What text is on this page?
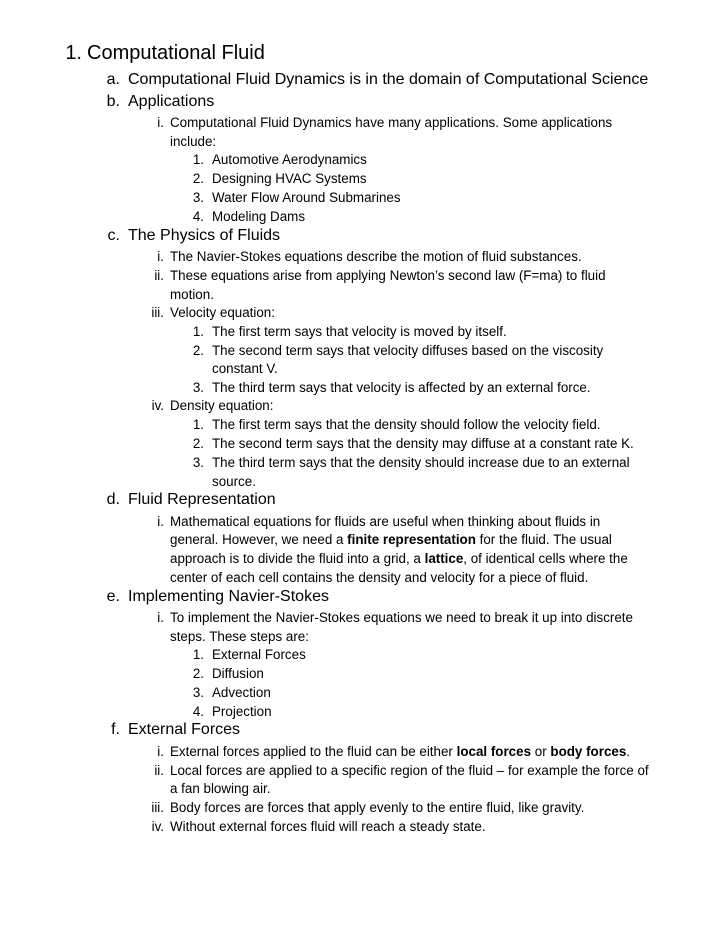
1. Computational Fluid
a. Computational Fluid Dynamics is in the domain of Computational Science
b. Applications
i. Computational Fluid Dynamics have many applications. Some applications
include:
1. Automotive Aerodynamics
2. Designing HVAC Systems
3. Water Flow Around Submarines
4. Modeling Dams
c. The Physics of Fluids
i. The Navier-Stokes equations describe the motion of fluid substances.
ii. These equations arise from applying Newton’s second law (F=ma) to fluid
motion.
iii. Velocity equation:
1. The first term says that velocity is moved by itself.
2. The second term says that velocity diffuses based on the viscosity
constant V.
3. The third term says that velocity is affected by an external force.
iv. Density equation:
1. The first term says that the density should follow the velocity field.
2. The second term says that the density may diffuse at a constant rate K.
3. The third term says that the density should increase due to an external
source.
d. Fluid Representation
i. Mathematical equations for fluids are useful when thinking about fluids in
general. However, we need a finite representation for the fluid. The usual
approach is to divide the fluid into a grid, a lattice, of identical cells where the
center of each cell contains the density and velocity for a piece of fluid.
e. Implementing Navier-Stokes
i. To implement the Navier-Stokes equations we need to break it up into discrete
steps. These steps are:
1. External Forces
2. Diffusion
3. Advection
4. Projection
f. External Forces
i. External forces applied to the fluid can be either local forces or body forces.
ii. Local forces are applied to a specific region of the fluid – for example the force of
a fan blowing air.
iii. Body forces are forces that apply evenly to the entire fluid, like gravity.
iv. Without external forces fluid will reach a steady state.
